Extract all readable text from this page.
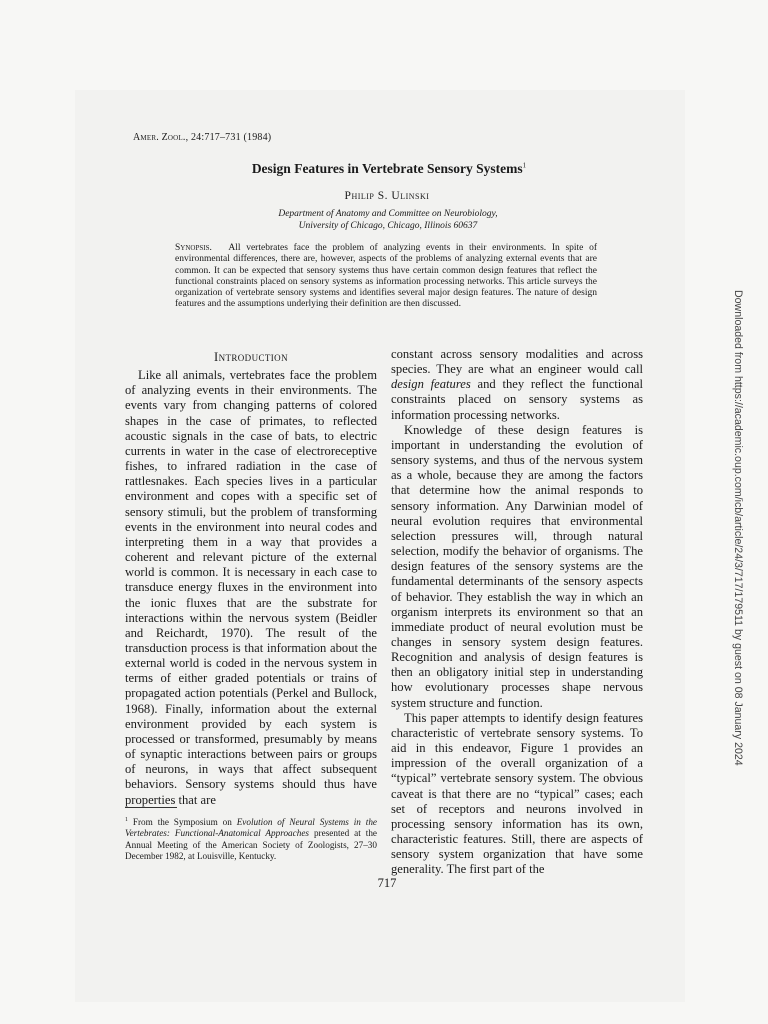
Amer. Zool., 24:717–731 (1984)
Design Features in Vertebrate Sensory Systems$^1$
Philip S. Ulinski
Department of Anatomy and Committee on Neurobiology,
University of Chicago, Chicago, Illinois 60637
Synopsis. All vertebrates face the problem of analyzing events in their environments. In spite of environmental differences, there are, however, aspects of the problems of analyzing external events that are common. It can be expected that sensory systems thus have certain common design features that reflect the functional constraints placed on sensory systems as information processing networks. This article surveys the organization of vertebrate sensory systems and identifies several major design features. The nature of design features and the assumptions underlying their definition are then discussed.
Introduction

Like all animals, vertebrates face the problem of analyzing events in their environments. The events vary from changing patterns of colored shapes in the case of primates, to reflected acoustic signals in the case of bats, to electric currents in water in the case of electroreceptive fishes, to infrared radiation in the case of rattlesnakes. Each species lives in a particular environment and copes with a specific set of sensory stimuli, but the problem of transforming events in the environment into neural codes and interpreting them in a way that provides a coherent and relevant picture of the external world is common. It is necessary in each case to transduce energy fluxes in the environment into the ionic fluxes that are the substrate for interactions within the nervous system (Beidler and Reichardt, 1970). The result of the transduction process is that information about the external world is coded in the nervous system in terms of either graded potentials or trains of propagated action potentials (Perkel and Bullock, 1968). Finally, information about the external environment provided by each system is processed or transformed, presumably by means of synaptic interactions between pairs or groups of neurons, in ways that affect subsequent behaviors. Sensory systems should thus have properties that are

constant across sensory modalities and across species. They are what an engineer would call design features and they reflect the functional constraints placed on sensory systems as information processing networks.

Knowledge of these design features is important in understanding the evolution of sensory systems, and thus of the nervous system as a whole, because they are among the factors that determine how the animal responds to sensory information. Any Darwinian model of neural evolution requires that environmental selection pressures will, through natural selection, modify the behavior of organisms. The design features of the sensory systems are the fundamental determinants of the sensory aspects of behavior. They establish the way in which an organism interprets its environment so that an immediate product of neural evolution must be changes in sensory system design features. Recognition and analysis of design features is then an obligatory initial step in understanding how evolutionary processes shape nervous system structure and function.

This paper attempts to identify design features characteristic of vertebrate sensory systems. To aid in this endeavor, Figure 1 provides an impression of the overall organization of a “typical” vertebrate sensory system. The obvious caveat is that there are no “typical” cases; each set of receptors and neurons involved in processing sensory information has its own, characteristic features. Still, there are aspects of sensory system organization that have some generality. The first part of the

$^1$ From the Symposium on Evolution of Neural Systems in the Vertebrates: Functional-Anatomical Approaches presented at the Annual Meeting of the American Society of Zoologists, 27–30 December 1982, at Louisville, Kentucky.
717
Downloaded from https://academic.oup.com/icb/article/24/3/717/179511 by guest on 08 January 2024
